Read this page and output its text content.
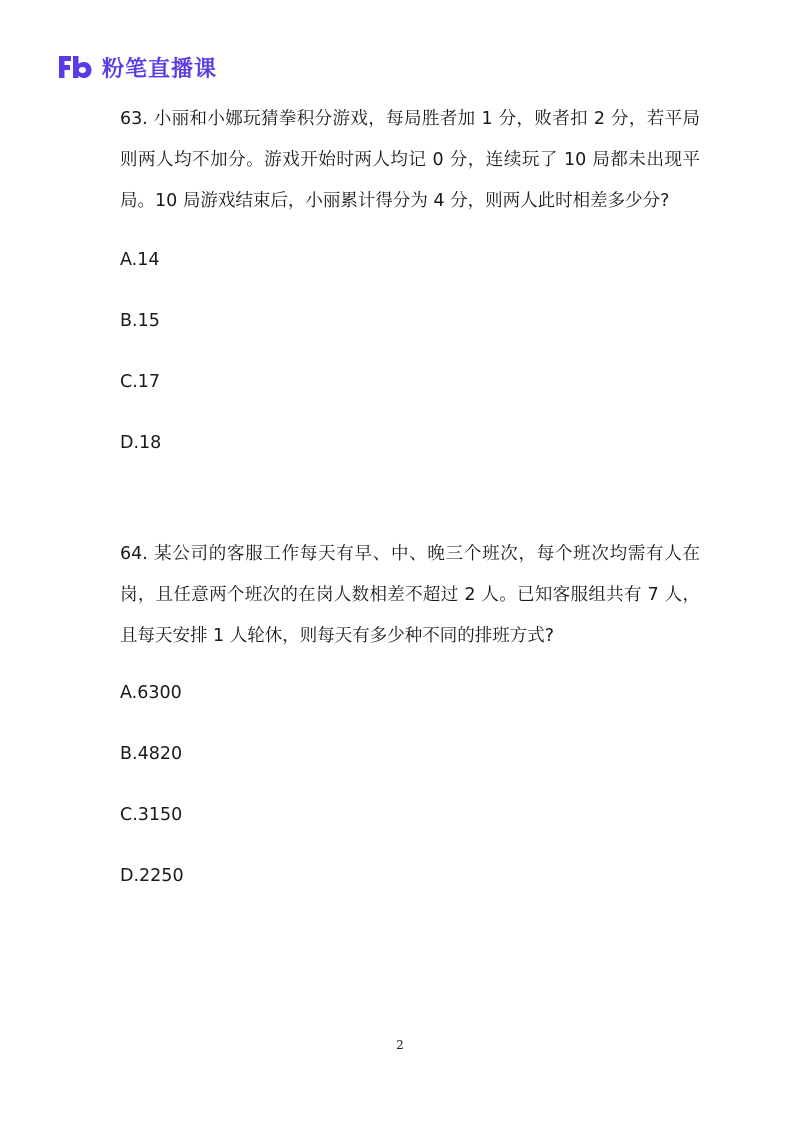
粉笔直播课

63. 小丽和小娜玩猜拳积分游戏，每局胜者加 1 分，败者扣 2 分，若平局则两人均不加分。游戏开始时两人均记 0 分，连续玩了 10 局都未出现平局。10 局游戏结束后，小丽累计得分为 4 分，则两人此时相差多少分?

A.14

B.15

C.17

D.18

64. 某公司的客服工作每天有早、中、晚三个班次，每个班次均需有人在岗，且任意两个班次的在岗人数相差不超过 2 人。已知客服组共有 7 人，且每天安排 1 人轮休，则每天有多少种不同的排班方式?

A.6300

B.4820

C.3150

D.2250

2
